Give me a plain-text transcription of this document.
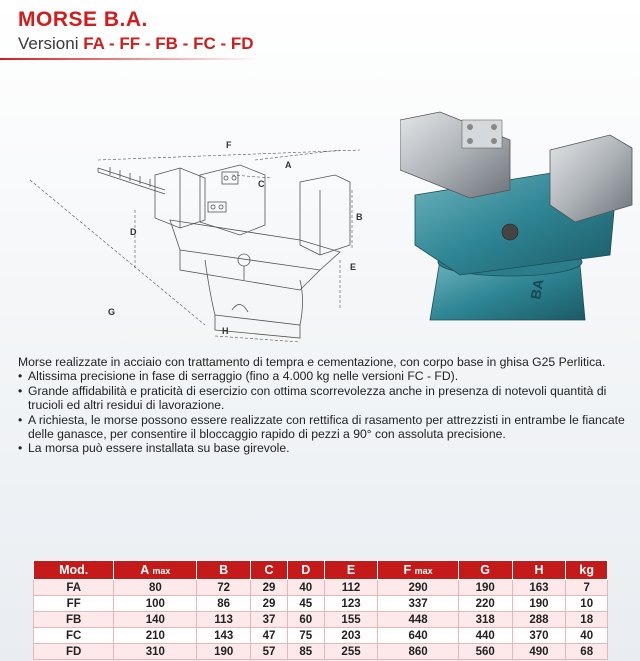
MORSE B.A.
Versioni FA - FF - FB - FC - FD
F
A
C
B
D
E
G
H
BA

Morse realizzate in acciaio con trattamento di tempra e cementazione, con corpo base in ghisa G25 Perlitica.

• Altissima precisione in fase di serraggio (fino a 4.000 kg nelle versioni FC - FD).
• Grande affidabilità e praticità di esercizio con ottima scorrevolezza anche in presenza di notevoli quantità di trucioli ed altri residui di lavorazione.
• A richiesta, le morse possono essere realizzate con rettifica di rasamento per attrezzisti in entrambe le fiancate delle ganasce, per consentire il bloccaggio rapido di pezzi a 90° con assoluta precisione.
• La morsa può essere installata su base girevole.
Mod.	A max	B	C	D	E	F max	G	H	kg
FA	80	72	29	40	112	290	190	163	7
FF	100	86	29	45	123	337	220	190	10
FB	140	113	37	60	155	448	318	288	18
FC	210	143	47	75	203	640	440	370	40
FD	310	190	57	85	255	860	560	490	68
